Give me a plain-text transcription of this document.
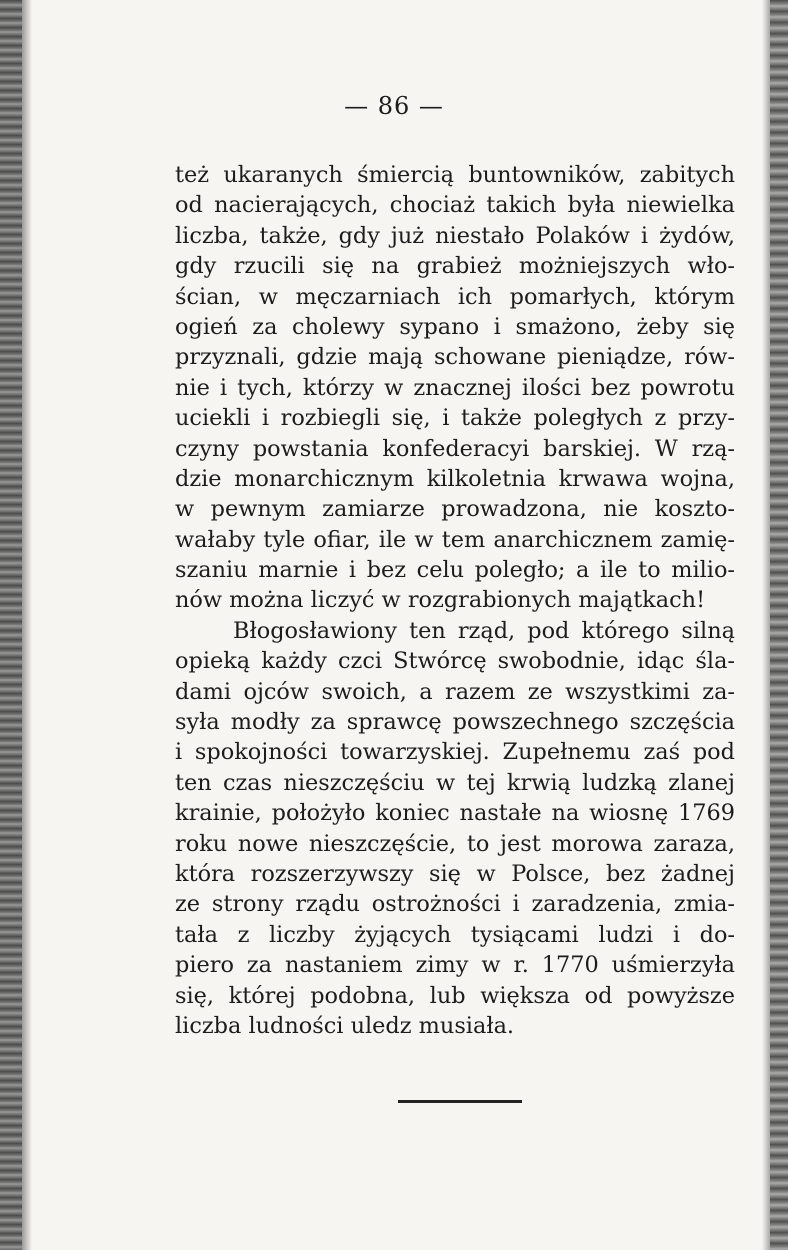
— 86 —
też ukaranych śmiercią buntowników, zabitych
od nacierających, chociaż takich była niewielka
liczba, także, gdy już niestało Polaków i żydów,
gdy rzucili się na grabież możniejszych wło-
ścian, w męczarniach ich pomarłych, którym
ogień za cholewy sypano i smażono, żeby się
przyznali, gdzie mają schowane pieniądze, rów-
nie i tych, którzy w znacznej ilości bez powrotu
uciekli i rozbiegli się, i także poległych z przy-
czyny powstania konfederacyi barskiej. W rzą-
dzie monarchicznym kilkoletnia krwawa wojna,
w pewnym zamiarze prowadzona, nie koszto-
wałaby tyle ofiar, ile w tem anarchicznem zamię-
szaniu marnie i bez celu poległo; a ile to milio-
nów można liczyć w rozgrabionych majątkach!
Błogosławiony ten rząd, pod którego silną
opieką każdy czci Stwórcę swobodnie, idąc śla-
dami ojców swoich, a razem ze wszystkimi za-
syła modły za sprawcę powszechnego szczęścia
i spokojności towarzyskiej. Zupełnemu zaś pod
ten czas nieszczęściu w tej krwią ludzką zlanej
krainie, położyło koniec nastałe na wiosnę 1769
roku nowe nieszczęście, to jest morowa zaraza,
która rozszerzywszy się w Polsce, bez żadnej
ze strony rządu ostrożności i zaradzenia, zmia-
tała z liczby żyjących tysiącami ludzi i do-
piero za nastaniem zimy w r. 1770 uśmierzyła
się, której podobna, lub większa od powyższe
liczba ludności uledz musiała.
